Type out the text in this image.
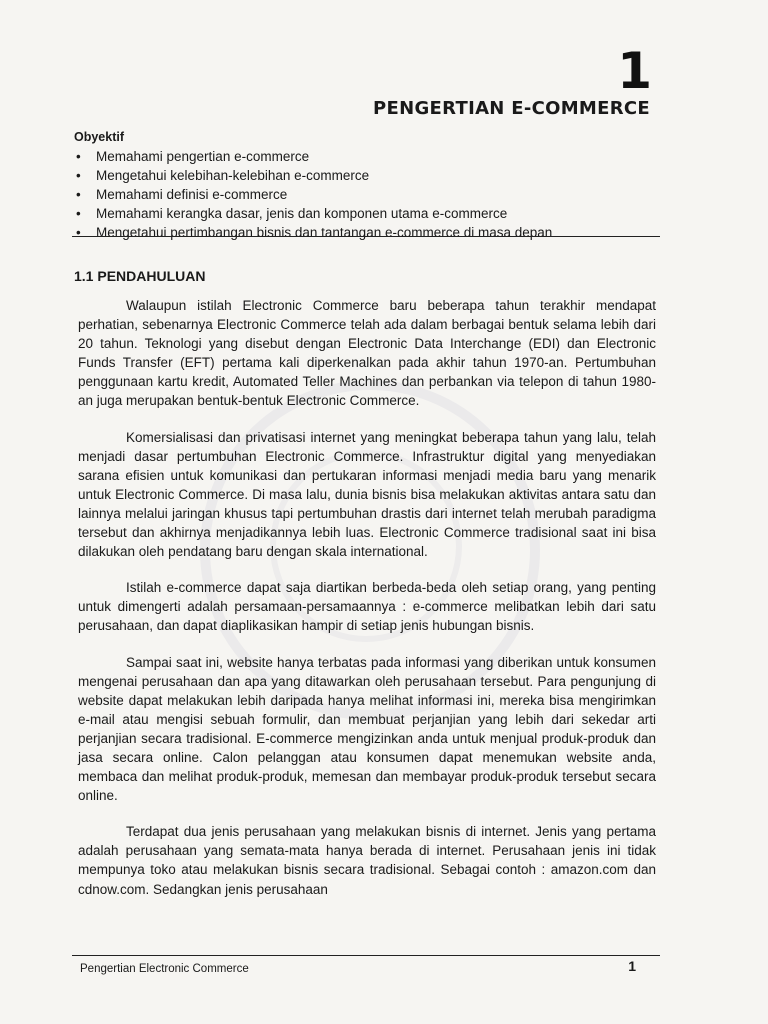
1
PENGERTIAN E-COMMERCE
Obyektif
• Memahami pengertian e-commerce
• Mengetahui kelebihan-kelebihan e-commerce
• Memahami definisi e-commerce
• Memahami kerangka dasar, jenis dan komponen utama e-commerce
• Mengetahui pertimbangan bisnis dan tantangan e-commerce di masa depan
1.1 PENDAHULUAN

Walaupun istilah Electronic Commerce baru beberapa tahun terakhir mendapat perhatian, sebenarnya Electronic Commerce telah ada dalam berbagai bentuk selama lebih dari 20 tahun. Teknologi yang disebut dengan Electronic Data Interchange (EDI) dan Electronic Funds Transfer (EFT) pertama kali diperkenalkan pada akhir tahun 1970-an. Pertumbuhan penggunaan kartu kredit, Automated Teller Machines dan perbankan via telepon di tahun 1980-an juga merupakan bentuk-bentuk Electronic Commerce.

Komersialisasi dan privatisasi internet yang meningkat beberapa tahun yang lalu, telah menjadi dasar pertumbuhan Electronic Commerce. Infrastruktur digital yang menyediakan sarana efisien untuk komunikasi dan pertukaran informasi menjadi media baru yang menarik untuk Electronic Commerce. Di masa lalu, dunia bisnis bisa melakukan aktivitas antara satu dan lainnya melalui jaringan khusus tapi pertumbuhan drastis dari internet telah merubah paradigma tersebut dan akhirnya menjadikannya lebih luas. Electronic Commerce tradisional saat ini bisa dilakukan oleh pendatang baru dengan skala international.

Istilah e-commerce dapat saja diartikan berbeda-beda oleh setiap orang, yang penting untuk dimengerti adalah persamaan-persamaannya : e-commerce melibatkan lebih dari satu perusahaan, dan dapat diaplikasikan hampir di setiap jenis hubungan bisnis.

Sampai saat ini, website hanya terbatas pada informasi yang diberikan untuk konsumen mengenai perusahaan dan apa yang ditawarkan oleh perusahaan tersebut. Para pengunjung di website dapat melakukan lebih daripada hanya melihat informasi ini, mereka bisa mengirimkan e-mail atau mengisi sebuah formulir, dan membuat perjanjian yang lebih dari sekedar arti perjanjian secara tradisional. E-commerce mengizinkan anda untuk menjual produk-produk dan jasa secara online. Calon pelanggan atau konsumen dapat menemukan website anda, membaca dan melihat produk-produk, memesan dan membayar produk-produk tersebut secara online.

Terdapat dua jenis perusahaan yang melakukan bisnis di internet. Jenis yang pertama adalah perusahaan yang semata-mata hanya berada di internet. Perusahaan jenis ini tidak mempunya toko atau melakukan bisnis secara tradisional. Sebagai contoh : amazon.com dan cdnow.com. Sedangkan jenis perusahaan

Pengertian Electronic Commerce	1
